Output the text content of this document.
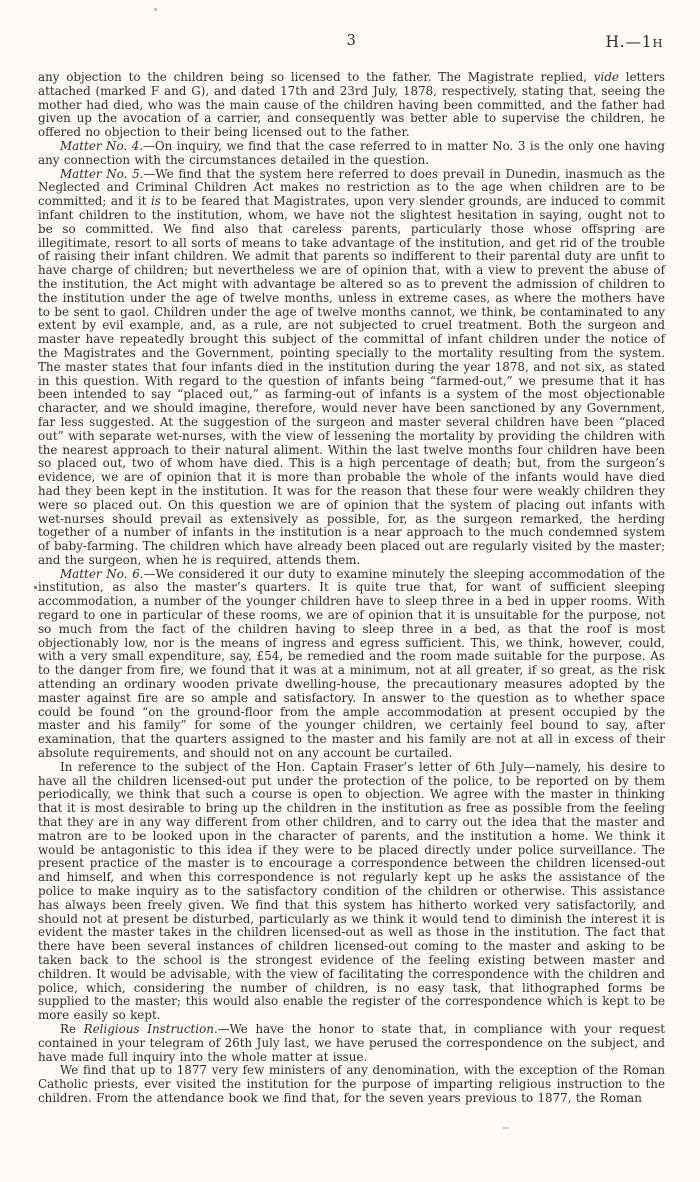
3	H.—1H

any objection to the children being so licensed to the father. The Magistrate replied, vide letters attached (marked F and G), and dated 17th and 23rd July, 1878, respectively, stating that, seeing the mother had died, who was the main cause of the children having been committed, and the father had given up the avocation of a carrier, and consequently was better able to supervise the children, he offered no objection to their being licensed out to the father.

Matter No. 4.—On inquiry, we find that the case referred to in matter No. 3 is the only one having any connection with the circumstances detailed in the question.

Matter No. 5.—We find that the system here referred to does prevail in Dunedin, inasmuch as the Neglected and Criminal Children Act makes no restriction as to the age when children are to be committed; and it is to be feared that Magistrates, upon very slender grounds, are induced to commit infant children to the institution, whom, we have not the slightest hesitation in saying, ought not to be so committed. We find also that careless parents, particularly those whose offspring are illegitimate, resort to all sorts of means to take advantage of the institution, and get rid of the trouble of raising their infant children. We admit that parents so indifferent to their parental duty are unfit to have charge of children; but nevertheless we are of opinion that, with a view to prevent the abuse of the institution, the Act might with advantage be altered so as to prevent the admission of children to the institution under the age of twelve months, unless in extreme cases, as where the mothers have to be sent to gaol. Children under the age of twelve months cannot, we think, be contaminated to any extent by evil example, and, as a rule, are not subjected to cruel treatment. Both the surgeon and master have repeatedly brought this subject of the committal of infant children under the notice of the Magistrates and the Government, pointing specially to the mortality resulting from the system. The master states that four infants died in the institution during the year 1878, and not six, as stated in this question. With regard to the question of infants being “farmed-out,” we presume that it has been intended to say “placed out,” as farming-out of infants is a system of the most objectionable character, and we should imagine, therefore, would never have been sanctioned by any Government, far less suggested. At the suggestion of the surgeon and master several children have been “placed out” with separate wet-nurses, with the view of lessening the mortality by providing the children with the nearest approach to their natural aliment. Within the last twelve months four children have been so placed out, two of whom have died. This is a high percentage of death; but, from the surgeon’s evidence, we are of opinion that it is more than probable the whole of the infants would have died had they been kept in the institution. It was for the reason that these four were weakly children they were so placed out. On this question we are of opinion that the system of placing out infants with wet-nurses should prevail as extensively as possible, for, as the surgeon remarked, the herding together of a number of infants in the institution is a near approach to the much condemned system of baby-farming. The children which have already been placed out are regularly visited by the master; and the surgeon, when he is required, attends them.

Matter No. 6.—We considered it our duty to examine minutely the sleeping accommodation of the institution, as also the master’s quarters. It is quite true that, for want of sufficient sleeping accommodation, a number of the younger children have to sleep three in a bed in upper rooms. With regard to one in particular of these rooms, we are of opinion that it is unsuitable for the purpose, not so much from the fact of the children having to sleep three in a bed, as that the roof is most objectionably low, nor is the means of ingress and egress sufficient. This, we think, however, could, with a very small expenditure, say, £54, be remedied and the room made suitable for the purpose. As to the danger from fire, we found that it was at a minimum, not at all greater, if so great, as the risk attending an ordinary wooden private dwelling-house, the precautionary measures adopted by the master against fire are so ample and satisfactory. In answer to the question as to whether space could be found “on the ground-floor from the ample accommodation at present occupied by the master and his family” for some of the younger children, we certainly feel bound to say, after examination, that the quarters assigned to the master and his family are not at all in excess of their absolute requirements, and should not on any account be curtailed.

In reference to the subject of the Hon. Captain Fraser’s letter of 6th July—namely, his desire to have all the children licensed-out put under the protection of the police, to be reported on by them periodically, we think that such a course is open to objection. We agree with the master in thinking that it is most desirable to bring up the children in the institution as free as possible from the feeling that they are in any way different from other children, and to carry out the idea that the master and matron are to be looked upon in the character of parents, and the institution a home. We think it would be antagonistic to this idea if they were to be placed directly under police surveillance. The present practice of the master is to encourage a correspondence between the children licensed-out and himself, and when this correspondence is not regularly kept up he asks the assistance of the police to make inquiry as to the satisfactory condition of the children or otherwise. This assistance has always been freely given. We find that this system has hitherto worked very satisfactorily, and should not at present be disturbed, particularly as we think it would tend to diminish the interest it is evident the master takes in the children licensed-out as well as those in the institution. The fact that there have been several instances of children licensed-out coming to the master and asking to be taken back to the school is the strongest evidence of the feeling existing between master and children. It would be advisable, with the view of facilitating the correspondence with the children and police, which, considering the number of children, is no easy task, that lithographed forms be supplied to the master; this would also enable the register of the correspondence which is kept to be more easily so kept.

Re Religious Instruction.—We have the honor to state that, in compliance with your request contained in your telegram of 26th July last, we have perused the correspondence on the subject, and have made full inquiry into the whole matter at issue.

We find that up to 1877 very few ministers of any denomination, with the exception of the Roman Catholic priests, ever visited the institution for the purpose of imparting religious instruction to the children. From the attendance book we find that, for the seven years previous to 1877, the Roman
